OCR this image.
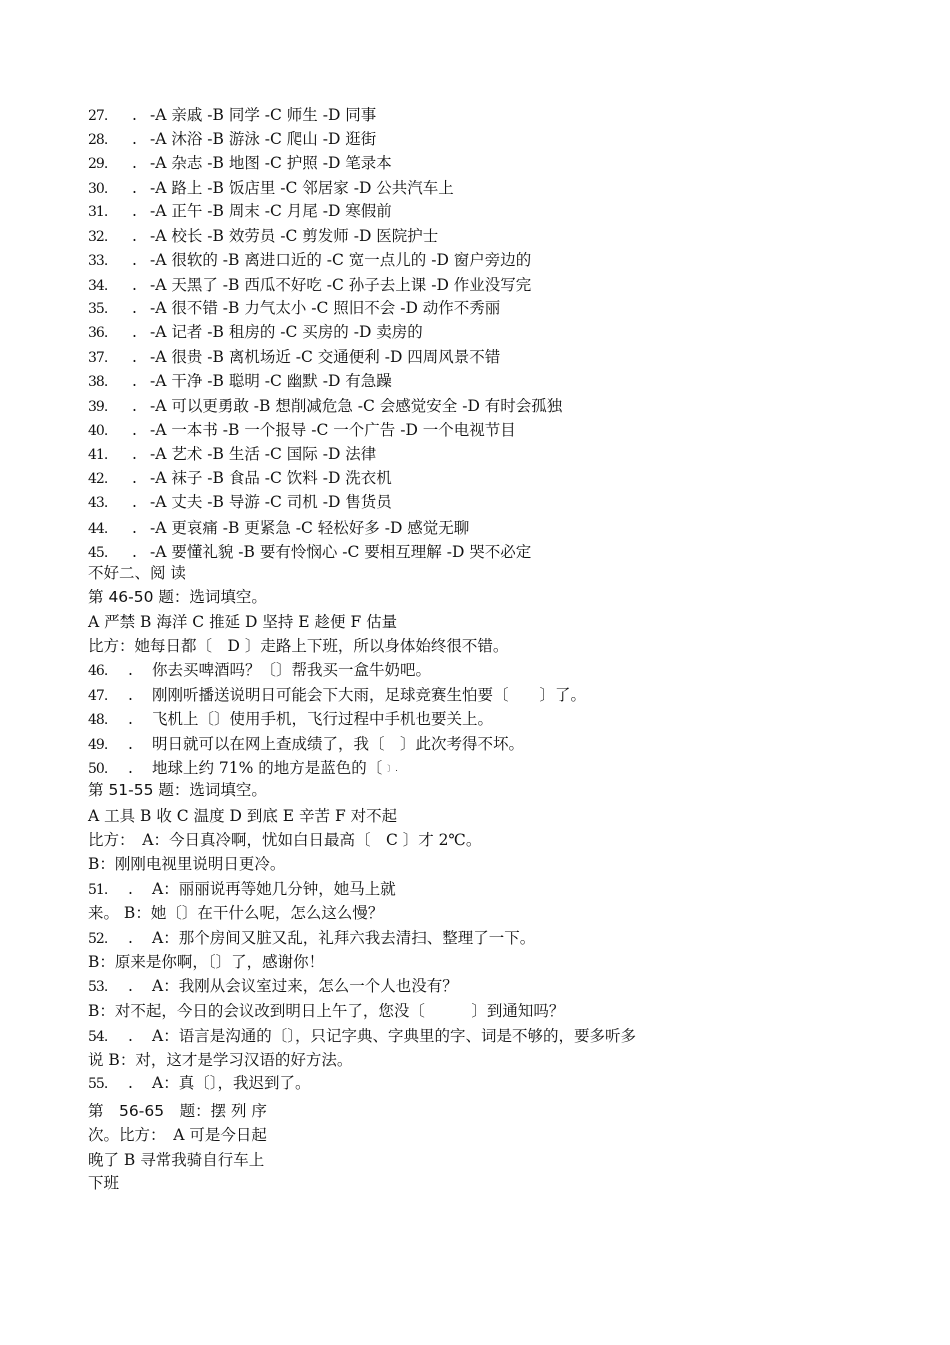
27. . -A 亲戚 -B 同学 -C 师生 -D 同事
28. . -A 沐浴 -B 游泳 -C 爬山 -D 逛街
29. . -A 杂志 -B 地图 -C 护照 -D 笔录本
30. . -A 路上 -B 饭店里 -C 邻居家 -D 公共汽车上
31. . -A 正午 -B 周末 -C 月尾 -D 寒假前
32. . -A 校长 -B 效劳员 -C 剪发师 -D 医院护士
33. . -A 很软的 -B 离进口近的 -C 宽一点儿的 -D 窗户旁边的
34. . -A 天黑了 -B 西瓜不好吃 -C 孙子去上课 -D 作业没写完
35. . -A 很不错 -B 力气太小 -C 照旧不会 -D 动作不秀丽
36. . -A 记者 -B 租房的 -C 买房的 -D 卖房的
37. . -A 很贵 -B 离机场近 -C 交通便利 -D 四周风景不错
38. . -A 干净 -B 聪明 -C 幽默 -D 有急躁
39. . -A 可以更勇敢 -B 想削减危急 -C 会感觉安全 -D 有时会孤独
40. . -A 一本书 -B 一个报导 -C 一个广告 -D 一个电视节目
41. . -A 艺术 -B 生活 -C 国际 -D 法律
42. . -A 袜子 -B 食品 -C 饮料 -D 洗衣机
43. . -A 丈夫 -B 导游 -C 司机 -D 售货员
44. . -A 更哀痛 -B 更紧急 -C 轻松好多 -D 感觉无聊
45. . -A 要懂礼貌 -B 要有怜悯心 -C 要相互理解 -D 哭不必定
不好二、阅 读
第 46-50 题：选词填空。
A 严禁 B 海洋 C 推延 D 坚持 E 趁便 F 估量
比方：她每日都〔　D 〕走路上下班，所以身体始终很不错。
46. . 你去买啤酒吗？〔〕帮我买一盒牛奶吧。
47. . 刚刚听播送说明日可能会下大雨，足球竞赛生怕要〔　　〕了。
48. . 飞机上〔〕使用手机，飞行过程中手机也要关上。
49. . 明日就可以在网上查成绩了，我〔　〕此次考得不坏。
50. . 地球上约 71% 的地方是蓝色的〔 〕.
第 51-55 题：选词填空。
A 工具 B 收 C 温度 D 到底 E 辛苦 F 对不起
比方：　A：今日真冷啊，忧如白日最高〔　C 〕才 2℃。
B：刚刚电视里说明日更冷。
51. . A：丽丽说再等她几分钟，她马上就
来。 B：她〔〕在干什么呢，怎么这么慢？
52. . A：那个房间又脏又乱，礼拜六我去清扫、整理了一下。
B：原来是你啊，〔〕了，感谢你！
53. . A：我刚从会议室过来，怎么一个人也没有？
B：对不起，今日的会议改到明日上午了，您没〔　　　〕到通知吗？
54. . A：语言是沟通的〔〕，只记字典、字典里的字、词是不够的，要多听多
说 B：对，这才是学习汉语的好方法。
55. . A：真〔〕，我迟到了。
第　56-65　题：摆 列 序
次。比方：　A 可是今日起
晚了 B 寻常我骑自行车上
下班
